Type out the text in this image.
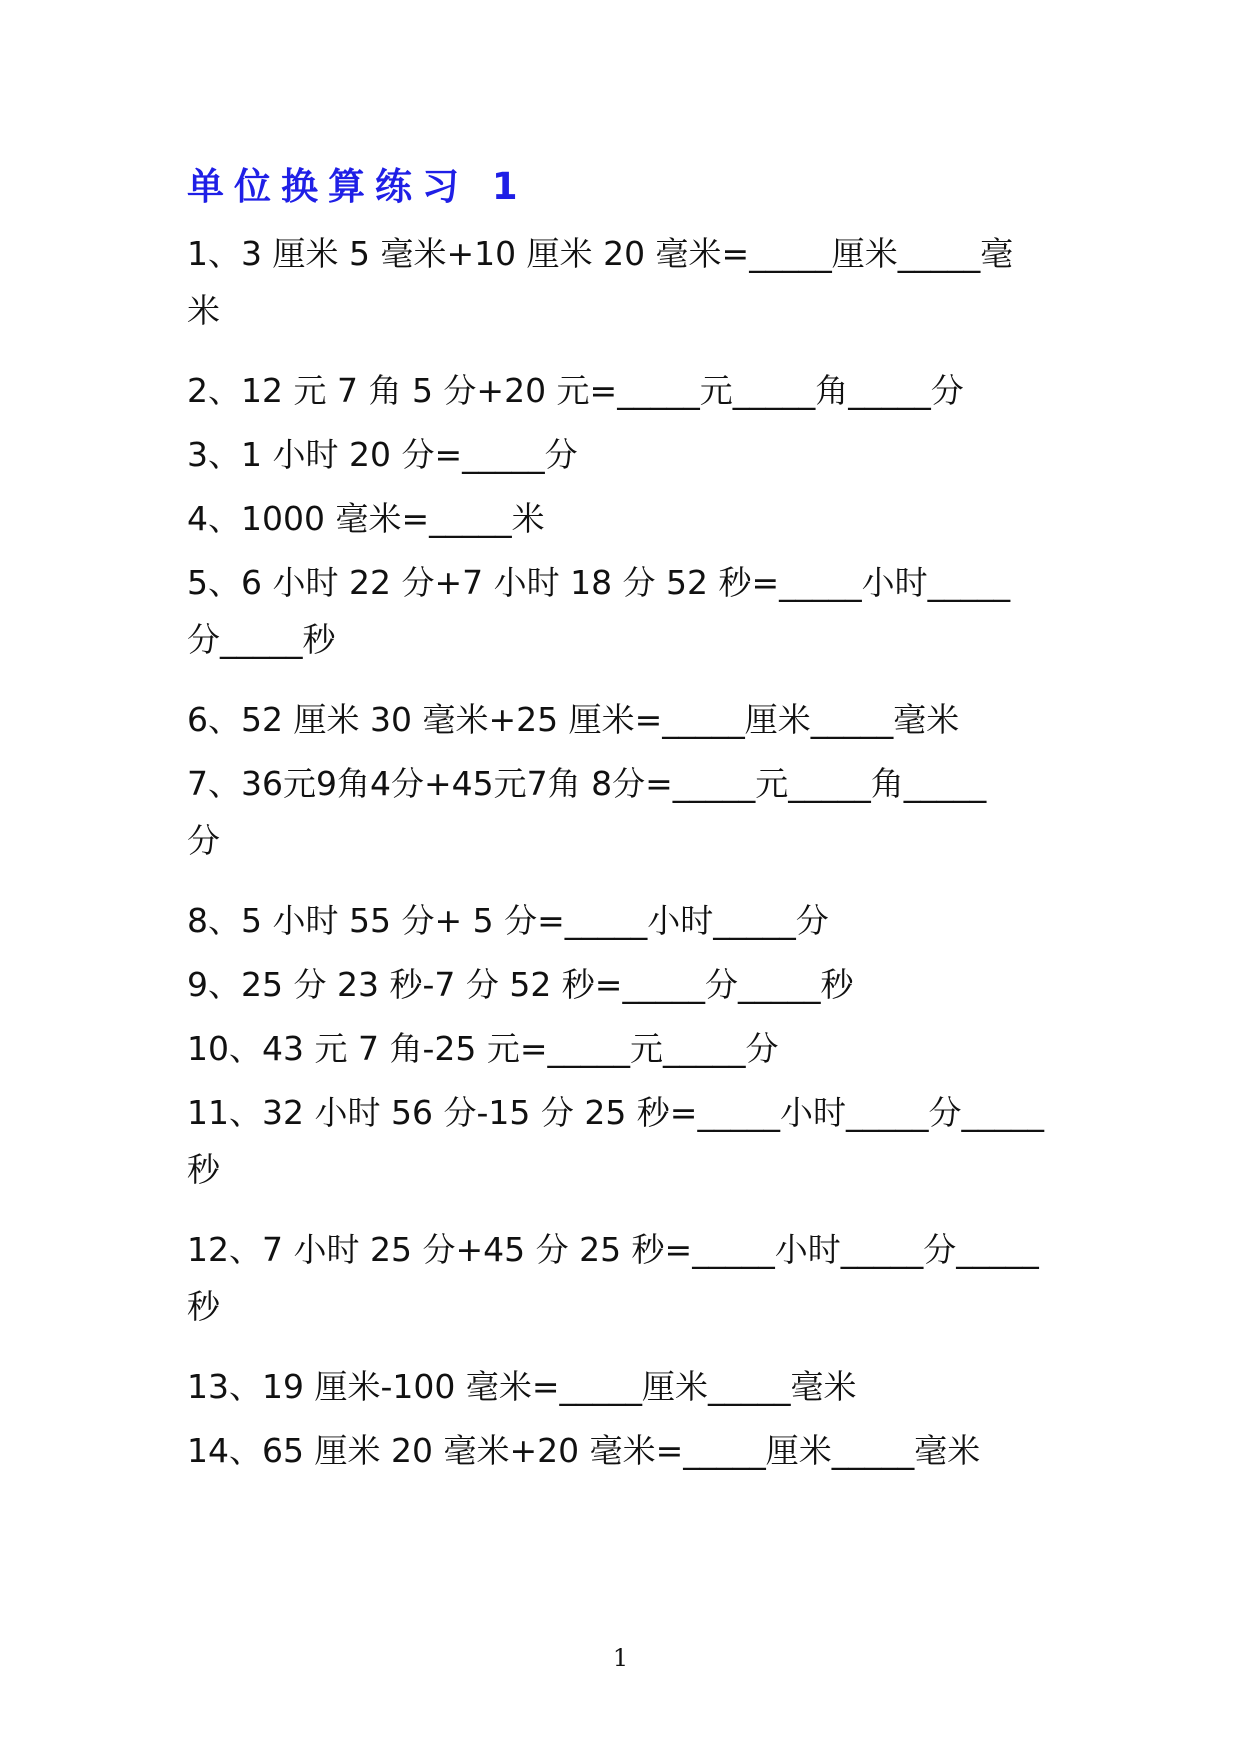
单位换算练习 1
1、3 厘米 5 毫米+10 厘米 20 毫米=_____厘米_____毫
米
2、12 元 7 角 5 分+20 元=_____元_____角_____分
3、1 小时 20 分=_____分
4、1000 毫米=_____米
5、6 小时 22 分+7 小时 18 分 52 秒=_____小时_____
分_____秒
6、52 厘米 30 毫米+25 厘米=_____厘米_____毫米
7、36元9角4分+45元7角 8分=_____元_____角_____
分
8、5 小时 55 分+ 5 分=_____小时_____分
9、25 分 23 秒-7 分 52 秒=_____分_____秒
10、43 元 7 角-25 元=_____元_____分
11、32 小时 56 分-15 分 25 秒=_____小时_____分_____
秒
12、7 小时 25 分+45 分 25 秒=_____小时_____分_____
秒
13、19 厘米-100 毫米=_____厘米_____毫米
14、65 厘米 20 毫米+20 毫米=_____厘米_____毫米
1
